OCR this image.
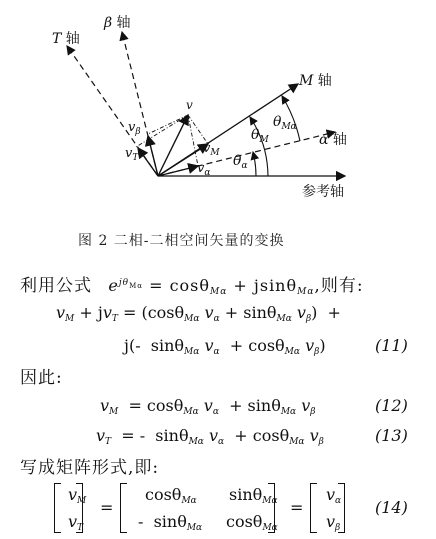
T 轴
β 轴
M 轴
α 轴
参考轴
v
$v_\beta$
$v_T$
$v_M$
$v_\alpha$
$\theta_{M\alpha}$
$\theta_M$
$\theta_\alpha$
图 2 二相-二相空间矢量的变换
利用公式 $e^{j\theta_{M\alpha}} = \cos\theta M\alpha + jsin\theta M\alpha$,则有:
vM + jvT = (cosθMα vα + sinθMα vβ)  +
j(-  sinθMα vα  + cosθMα vβ)	(11)
因此:
vM  = cosθMα vα  + sinθMα vβ	(12)
vT  = -  sinθMα vα  + cosθMα vβ	(13)
写成矩阵形式,即:
vM
vT
=
cosθMα sinθMα
-  sinθMα cosθMα
=
vα
vβ
(14)
